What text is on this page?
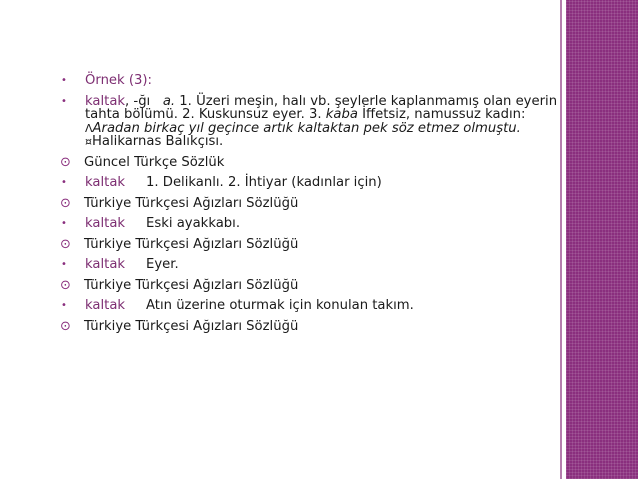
•	Örnek (3):
•	kaltak, -ğı a. 1. Üzeri meşin, halı vb. şeylerle kaplanmamış olan eyerin tahta bölümü. 2. Kuskunsuz eyer. 3. kaba İffetsiz, namussuz kadın: ɅAradan birkaç yıl geçince artık kaltaktan pek söz etmez olmuştu.¤Halikarnas Balıkçısı.
⊙ Güncel Türkçe Sözlük
•	kaltak 1. Delikanlı. 2. İhtiyar (kadınlar için)
⊙ Türkiye Türkçesi Ağızları Sözlüğü
•	kaltak Eski ayakkabı.
⊙ Türkiye Türkçesi Ağızları Sözlüğü
•	kaltak Eyer.
⊙ Türkiye Türkçesi Ağızları Sözlüğü
•	kaltak Atın üzerine oturmak için konulan takım.
⊙ Türkiye Türkçesi Ağızları Sözlüğü
